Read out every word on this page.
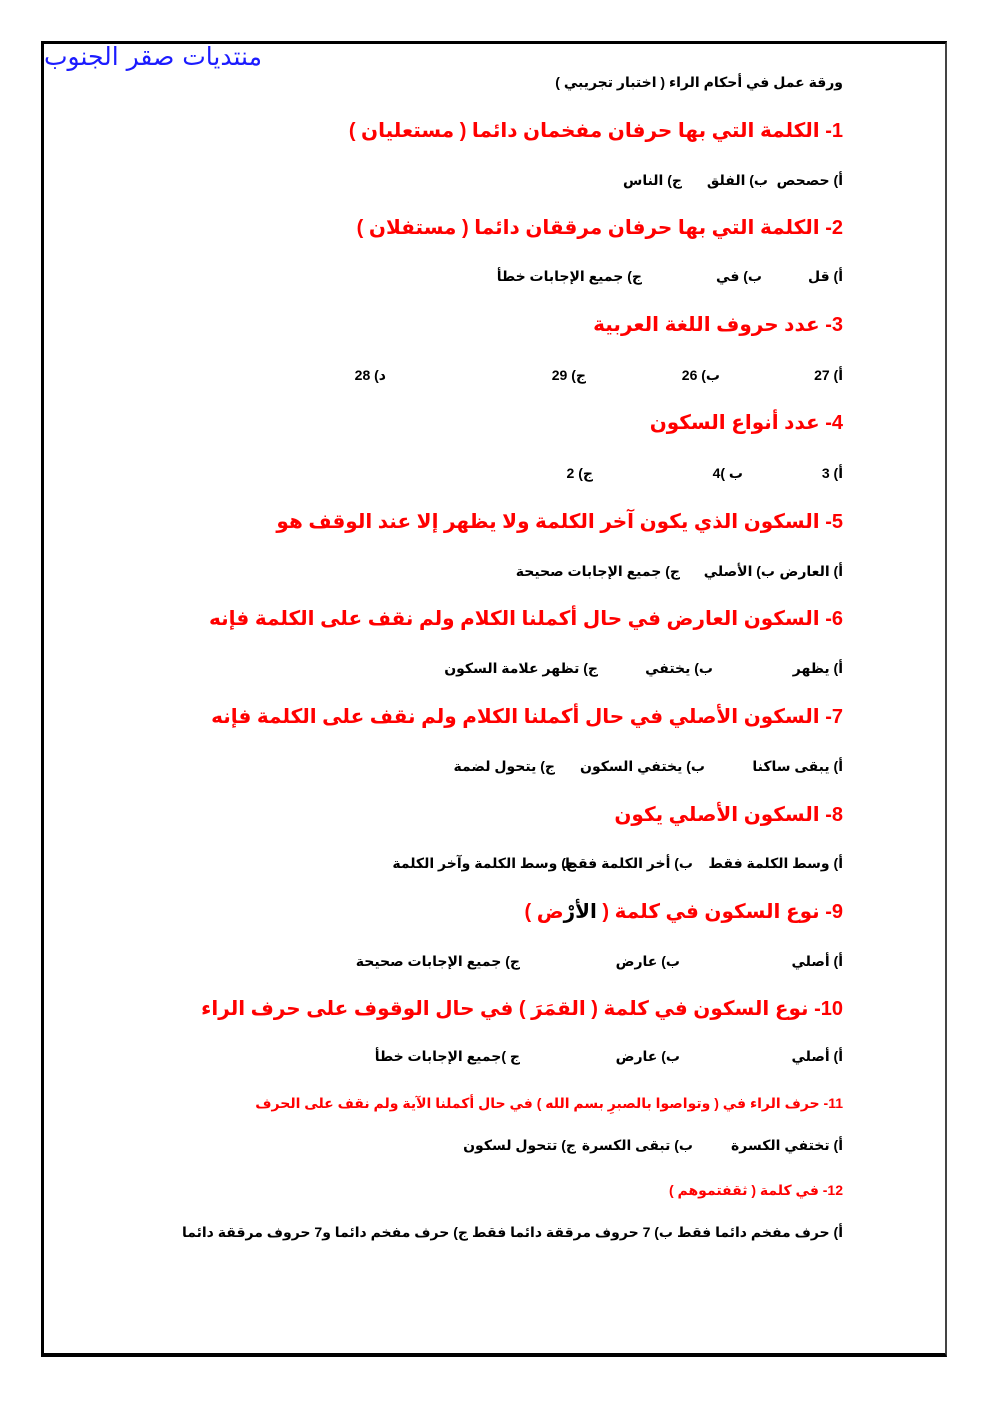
منتديات صقر الجنوب
ورقة عمل في أحكام الراء ( اختبار تجريبي )
1- الكلمة التي بها حرفان مفخمان دائما ( مستعليان )
أ) حصحص
ب) الفلق
ج) الناس
2- الكلمة التي بها حرفان مرققان دائما ( مستفلان )
أ) قل
ب) في
ج) جميع الإجابات خطأ
3- عدد حروف اللغة العربية
أ) 27
ب) 26
ج) 29
د) 28
4- عدد أنواع السكون
أ) 3
ب )4
ج) 2
5- السكون الذي يكون آخر الكلمة ولا يظهر إلا عند الوقف هو
أ) العارض
ب) الأصلي
ج) جميع الإجابات صحيحة
6- السكون العارض في حال أكملنا الكلام ولم نقف على الكلمة فإنه
أ) يظهر
ب) يختفي
ج) تظهر علامة السكون
7- السكون الأصلي في حال أكملنا الكلام ولم نقف على الكلمة فإنه
أ) يبقى ساكنا
ب) يختفي السكون
ج) يتحول لضمة
8- السكون الأصلي يكون
أ) وسط الكلمة فقط
ب) أخر الكلمة فقط
ج) وسط الكلمة وآخر الكلمة
9- نوع السكون في كلمة ( الأرْض )
أ) أصلي
ب) عارض
ج) جميع الإجابات صحيحة
10- نوع السكون في كلمة ( القمَرَ ) في حال الوقوف على حرف الراء
أ) أصلي
ب) عارض
ج )جميع الإجابات خطأ
11- حرف الراء في ( وتواصوا بالصبرِ بسم الله ) في حال أكملنا الآية ولم نقف على الحرف
أ) تختفي الكسرة
ب) تبقى الكسرة
ج) تتحول لسكون
12- في كلمة ( ثقفتموهم )
أ) حرف مفخم دائما فقط
ب) 7 حروف مرققة دائما فقط
ج) حرف مفخم دائما و7 حروف مرققة دائما
